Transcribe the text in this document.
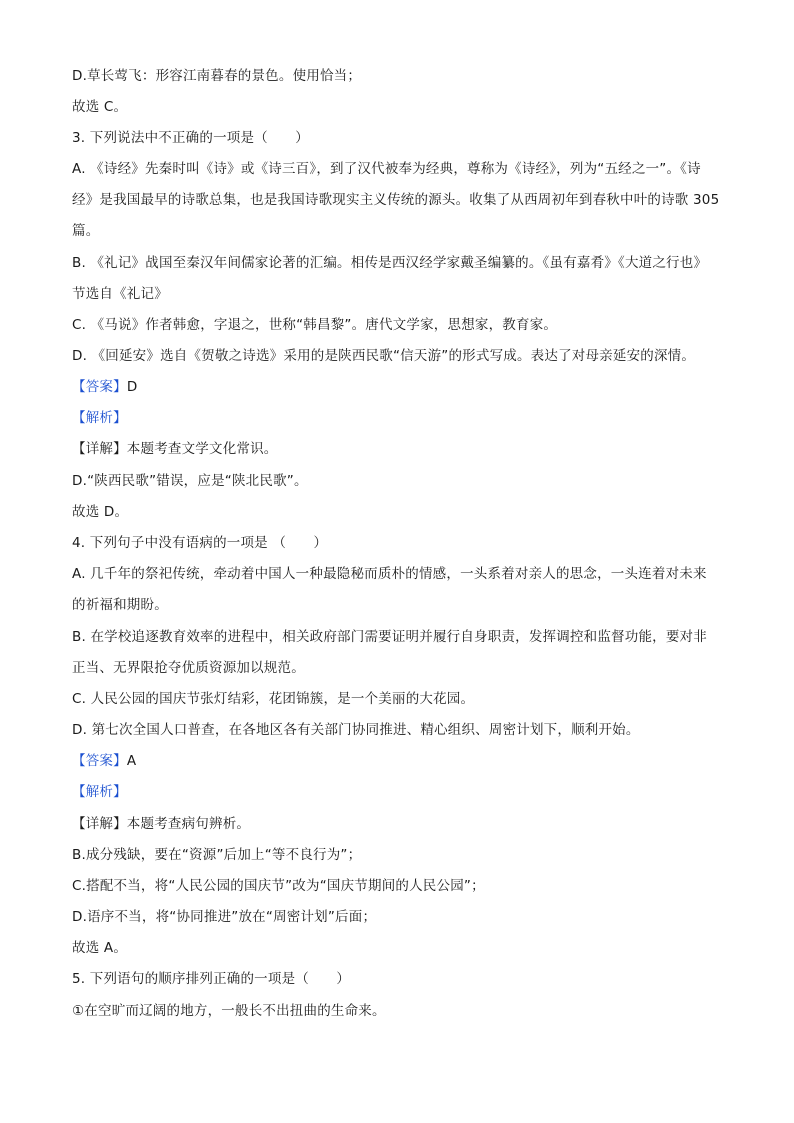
D.草长莺飞：形容江南暮春的景色。使用恰当；
故选 C。
3. 下列说法中不正确的一项是（　　）
A. 《诗经》先秦时叫《诗》或《诗三百》，到了汉代被奉为经典，尊称为《诗经》，列为“五经之一”。《诗
经》是我国最早的诗歌总集，也是我国诗歌现实主义传统的源头。收集了从西周初年到春秋中叶的诗歌 305
篇。
B. 《礼记》战国至秦汉年间儒家论著的汇编。相传是西汉经学家戴圣编纂的。《虽有嘉肴》《大道之行也》
节选自《礼记》
C. 《马说》作者韩愈，字退之，世称“韩昌黎”。唐代文学家，思想家，教育家。
D. 《回延安》选自《贺敬之诗选》采用的是陕西民歌“信天游”的形式写成。表达了对母亲延安的深情。
【答案】D
【解析】
【详解】本题考查文学文化常识。
D.“陕西民歌”错误，应是“陕北民歌”。
故选 D。
4. 下列句子中没有语病的一项是 （　　）
A. 几千年的祭祀传统，牵动着中国人一种最隐秘而质朴的情感，一头系着对亲人的思念，一头连着对未来
的祈福和期盼。
B. 在学校追逐教育效率的进程中，相关政府部门需要证明并履行自身职责，发挥调控和监督功能，要对非
正当、无界限抢夺优质资源加以规范。
C. 人民公园的国庆节张灯结彩，花团锦簇，是一个美丽的大花园。
D. 第七次全国人口普查，在各地区各有关部门协同推进、精心组织、周密计划下，顺利开始。
【答案】A
【解析】
【详解】本题考查病句辨析。
B.成分残缺，要在“资源”后加上“等不良行为”；
C.搭配不当，将“人民公园的国庆节”改为“国庆节期间的人民公园”；
D.语序不当，将“协同推进”放在“周密计划”后面；
故选 A。
5. 下列语句的顺序排列正确的一项是（　　）
①在空旷而辽阔的地方，一般长不出扭曲的生命来。
